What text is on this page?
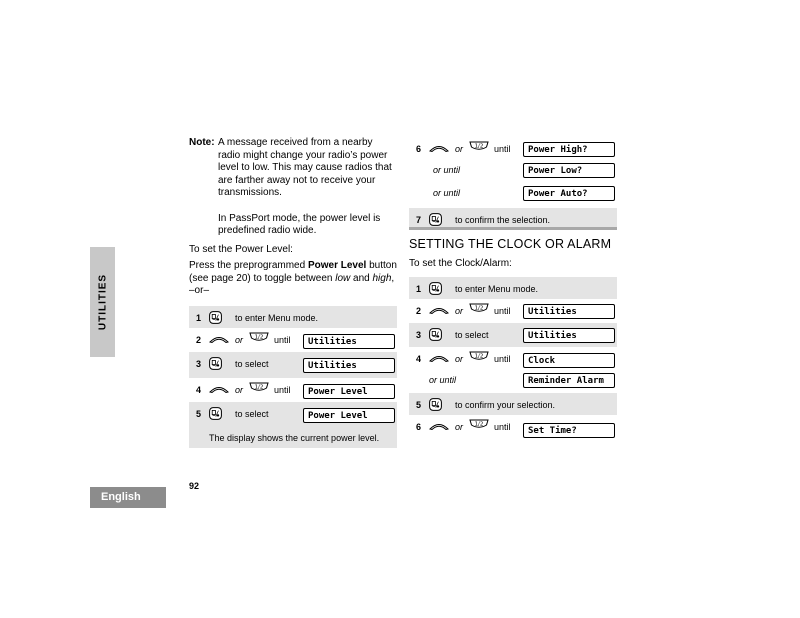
UTILITIES
English
92
Note: A message received from a nearby
radio might change your radio’s power
level to low. This may cause radios that
are farther away not to receive your
transmissions.

In PassPort mode, the power level is
predefined radio wide.

To set the Power Level:
Press the preprogrammed Power Level button
(see page 20) to toggle between low and high,
–or–
1	to enter Menu mode.
2	or	until	Utilities
3	to select	Utilities
4	or	until	Power Level
5	to select	Power Level
The display shows the current power level.
6	or	until	Power High?
or until	Power Low?
or until	Power Auto?
7	to confirm the selection.
SETTING THE CLOCK OR ALARM
To set the Clock/Alarm:
1	to enter Menu mode.
2	or	until	Utilities
3	to select	Utilities
4	or	until	Clock
or until	Reminder Alarm
5	to confirm your selection.
6	or	until	Set Time?
